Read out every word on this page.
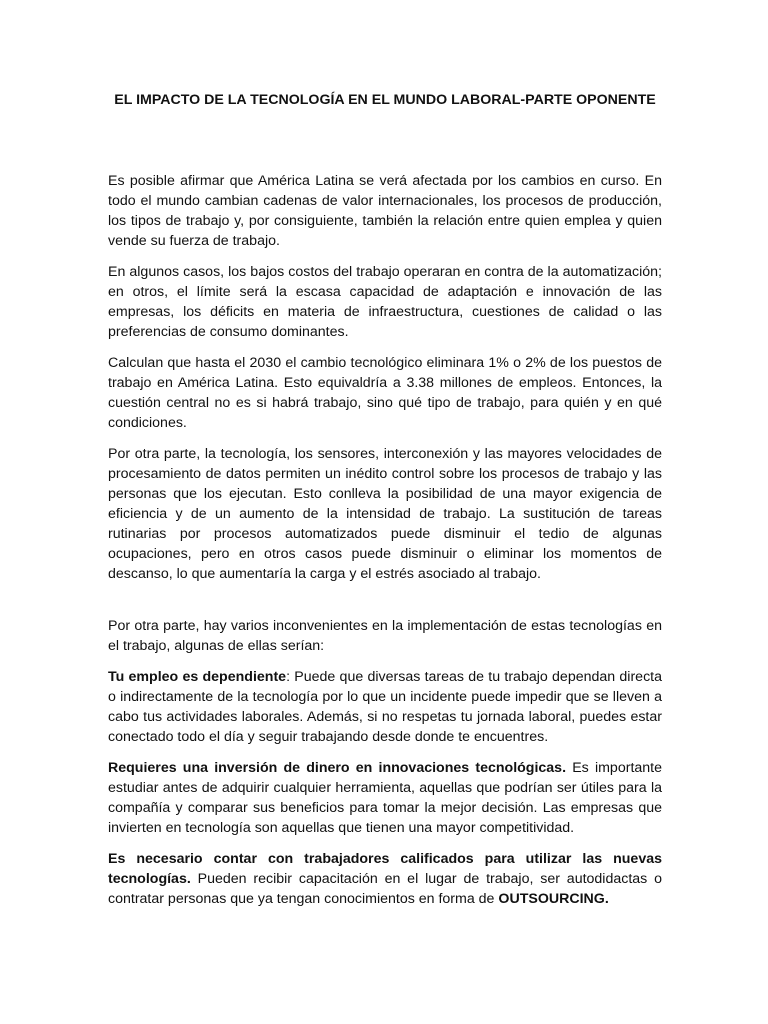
EL IMPACTO DE LA TECNOLOGÍA EN EL MUNDO LABORAL-PARTE OPONENTE

Es posible afirmar que América Latina se verá afectada por los cambios en curso. En todo el mundo cambian cadenas de valor internacionales, los procesos de producción, los tipos de trabajo y, por consiguiente, también la relación entre quien emplea y quien vende su fuerza de trabajo.

En algunos casos, los bajos costos del trabajo operaran en contra de la automatización; en otros, el límite será la escasa capacidad de adaptación e innovación de las empresas, los déficits en materia de infraestructura, cuestiones de calidad o las preferencias de consumo dominantes.

Calculan que hasta el 2030 el cambio tecnológico eliminara 1% o 2% de los puestos de trabajo en América Latina. Esto equivaldría a 3.38 millones de empleos. Entonces, la cuestión central no es si habrá trabajo, sino qué tipo de trabajo, para quién y en qué condiciones.

Por otra parte, la tecnología, los sensores, interconexión y las mayores velocidades de procesamiento de datos permiten un inédito control sobre los procesos de trabajo y las personas que los ejecutan. Esto conlleva la posibilidad de una mayor exigencia de eficiencia y de un aumento de la intensidad de trabajo. La sustitución de tareas rutinarias por procesos automatizados puede disminuir el tedio de algunas ocupaciones, pero en otros casos puede disminuir o eliminar los momentos de descanso, lo que aumentaría la carga y el estrés asociado al trabajo.

Por otra parte, hay varios inconvenientes en la implementación de estas tecnologías en el trabajo, algunas de ellas serían:

Tu empleo es dependiente: Puede que diversas tareas de tu trabajo dependan directa o indirectamente de la tecnología por lo que un incidente puede impedir que se lleven a cabo tus actividades laborales. Además, si no respetas tu jornada laboral, puedes estar conectado todo el día y seguir trabajando desde donde te encuentres.

Requieres una inversión de dinero en innovaciones tecnológicas. Es importante estudiar antes de adquirir cualquier herramienta, aquellas que podrían ser útiles para la compañía y comparar sus beneficios para tomar la mejor decisión. Las empresas que invierten en tecnología son aquellas que tienen una mayor competitividad.

Es necesario contar con trabajadores calificados para utilizar las nuevas tecnologías. Pueden recibir capacitación en el lugar de trabajo, ser autodidactas o contratar personas que ya tengan conocimientos en forma de OUTSOURCING.
